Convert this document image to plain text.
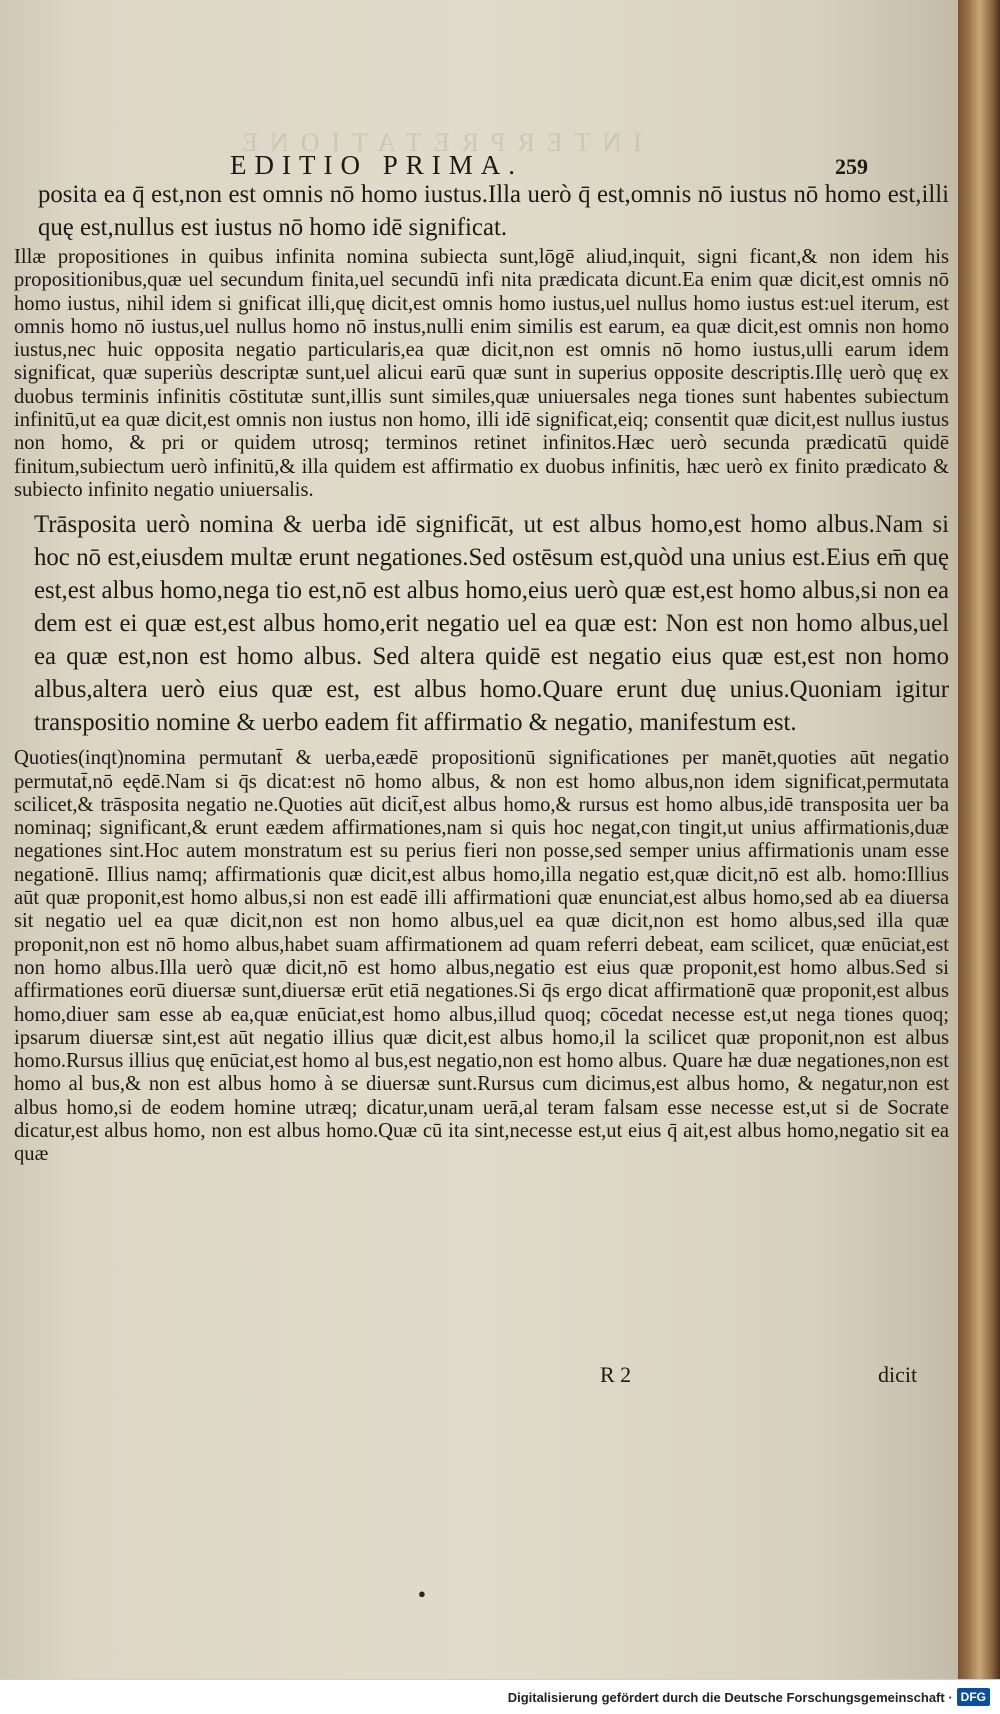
INTERPRETATIONE
EDITIO PRIMA.	259

posita ea q̄ est,non est omnis nō homo iustus.Illa uerò q̄ est,omnis nō iustus nō homo est,illi quę est,nullus est iustus nō homo idē significat.

Illæ propositiones in quibus infinita nomina subiecta sunt,lōgē aliud,inquit, signi ficant,& non idem his propositionibus,quæ uel secundum finita,uel secundū infi nita prædicata dicunt.Ea enim quæ dicit,est omnis nō homo iustus, nihil idem si gnificat illi,quę dicit,est omnis homo iustus,uel nullus homo iustus est:uel iterum, est omnis homo nō iustus,uel nullus homo nō instus,nulli enim similis est earum, ea quæ dicit,est omnis non homo iustus,nec huic opposita negatio particularis,ea quæ dicit,non est omnis nō homo iustus,ulli earum idem significat, quæ superiùs descriptæ sunt,uel alicui earū quæ sunt in superius opposite descriptis.Illę uerò quę ex duobus terminis infinitis cōstitutæ sunt,illis sunt similes,quæ uniuersales nega tiones sunt habentes subiectum infinitū,ut ea quæ dicit,est omnis non iustus non homo, illi idē significat,eiq; consentit quæ dicit,est nullus iustus non homo, & pri or quidem utrosq; terminos retinet infinitos.Hæc uerò secunda prædicatū quidē finitum,subiectum uerò infinitū,& illa quidem est affirmatio ex duobus infinitis, hæc uerò ex finito prædicato & subiecto infinito negatio uniuersalis.

Trāsposita uerò nomina & uerba idē significāt, ut est albus homo,est homo albus.Nam si hoc nō est,eiusdem multæ erunt negationes.Sed ostēsum est,quòd una unius est.Eius em̄ quę est,est albus homo,nega tio est,nō est albus homo,eius uerò quæ est,est homo albus,si non ea dem est ei quæ est,est albus homo,erit negatio uel ea quæ est: Non est non homo albus,uel ea quæ est,non est homo albus. Sed altera quidē est negatio eius quæ est,est non homo albus,altera uerò eius quæ est, est albus homo.Quare erunt duę unius.Quoniam igitur transpositio nomine & uerbo eadem fit affirmatio & negatio, manifestum est.

Quoties(inqt)nomina permutant̄ & uerba,eædē propositionū significationes per manēt,quoties aūt negatio permutat̄,nō eędē.Nam si q̄s dicat:est nō homo albus, & non est homo albus,non idem significat,permutata scilicet,& trāsposita negatio ne.Quoties aūt dicit̄,est albus homo,& rursus est homo albus,idē transposita uer ba nominaq; significant,& erunt eædem affirmationes,nam si quis hoc negat,con tingit,ut unius affirmationis,duæ negationes sint.Hoc autem monstratum est su perius fieri non posse,sed semper unius affirmationis unam esse negationē. Illius namq; affirmationis quæ dicit,est albus homo,illa negatio est,quæ dicit,nō est alb. homo:Illius aūt quæ proponit,est homo albus,si non est eadē illi affirmationi quæ enunciat,est albus homo,sed ab ea diuersa sit negatio uel ea quæ dicit,non est non homo albus,uel ea quæ dicit,non est homo albus,sed illa quæ proponit,non est nō homo albus,habet suam affirmationem ad quam referri debeat, eam scilicet, quæ enūciat,est non homo albus.Illa uerò quæ dicit,nō est homo albus,negatio est eius quæ proponit,est homo albus.Sed si affirmationes eorū diuersæ sunt,diuersæ erūt etiā negationes.Si q̄s ergo dicat affirmationē quæ proponit,est albus homo,diuer sam esse ab ea,quæ enūciat,est homo albus,illud quoq; cōcedat necesse est,ut nega tiones quoq; ipsarum diuersæ sint,est aūt negatio illius quæ dicit,est albus homo,il la scilicet quæ proponit,non est albus homo.Rursus illius quę enūciat,est homo al bus,est negatio,non est homo albus. Quare hæ duæ negationes,non est homo al bus,& non est albus homo à se diuersæ sunt.Rursus cum dicimus,est albus homo, & negatur,non est albus homo,si de eodem homine utræq; dicatur,unam uerā,al teram falsam esse necesse est,ut si de Socrate dicatur,est albus homo, non est albus homo.Quæ cū ita sint,necesse est,ut eius q̄ ait,est albus homo,negatio sit ea quæ

R 2	dicit
●
Digitalisierung gefördert durch die Deutsche Forschungsgemeinschaft · DFG
